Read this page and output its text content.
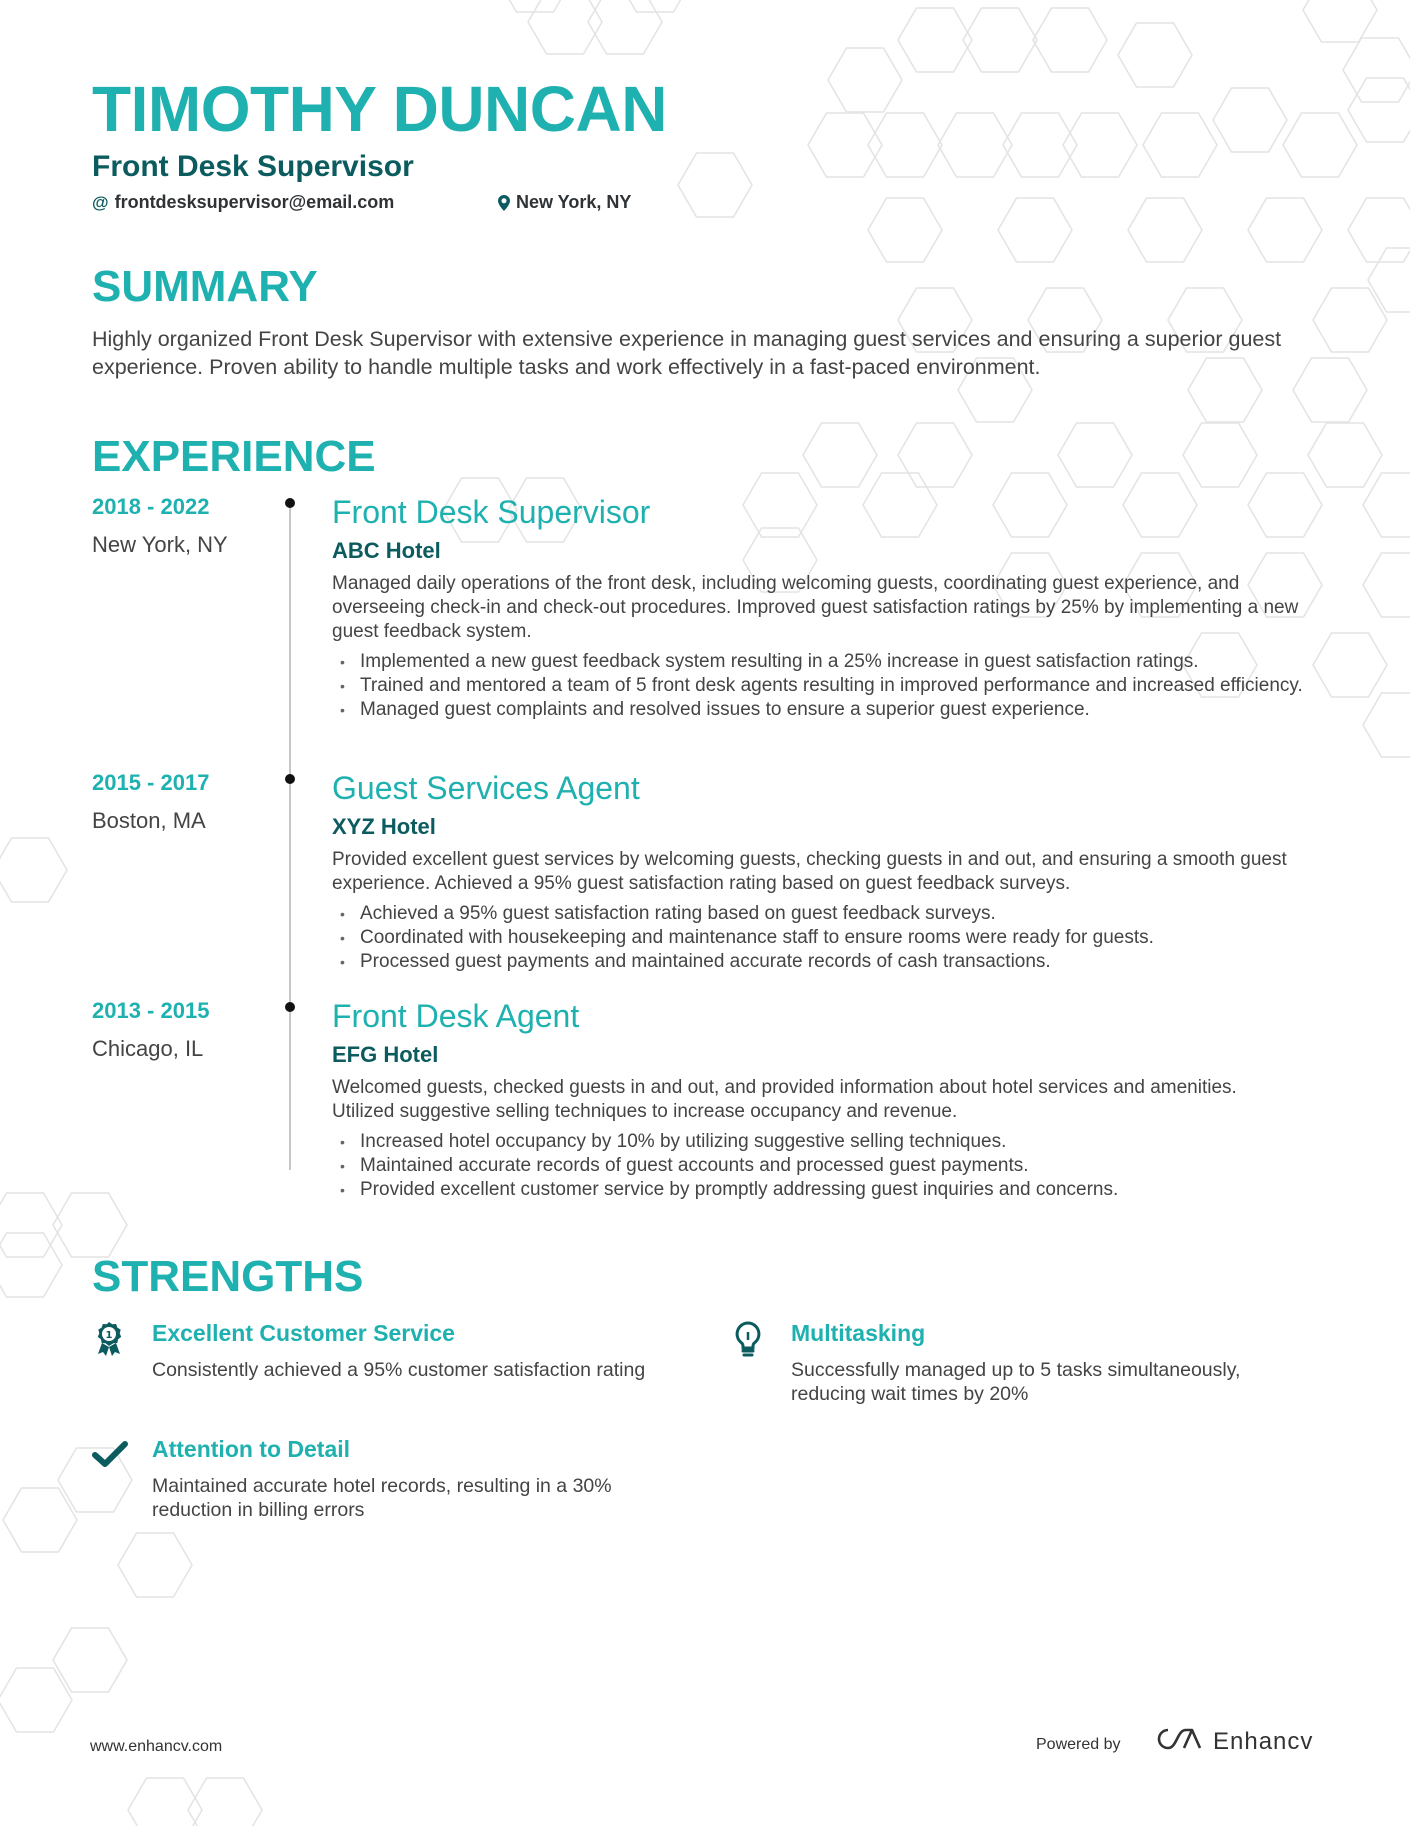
TIMOTHY DUNCAN
Front Desk Supervisor
@ frontdesksupervisor@email.com	New York, NY
SUMMARY

Highly organized Front Desk Supervisor with extensive experience in managing guest services and ensuring a superior guest experience. Proven ability to handle multiple tasks and work effectively in a fast-paced environment.

EXPERIENCE
2018 - 2022
New York, NY
Front Desk Supervisor
ABC Hotel

Managed daily operations of the front desk, including welcoming guests, coordinating guest experience, and overseeing check-in and check-out procedures. Improved guest satisfaction ratings by 25% by implementing a new guest feedback system.

• Implemented a new guest feedback system resulting in a 25% increase in guest satisfaction ratings.
• Trained and mentored a team of 5 front desk agents resulting in improved performance and increased efficiency.
• Managed guest complaints and resolved issues to ensure a superior guest experience.
2015 - 2017
Boston, MA
Guest Services Agent
XYZ Hotel

Provided excellent guest services by welcoming guests, checking guests in and out, and ensuring a smooth guest experience. Achieved a 95% guest satisfaction rating based on guest feedback surveys.

• Achieved a 95% guest satisfaction rating based on guest feedback surveys.
• Coordinated with housekeeping and maintenance staff to ensure rooms were ready for guests.
• Processed guest payments and maintained accurate records of cash transactions.
2013 - 2015
Chicago, IL
Front Desk Agent
EFG Hotel

Welcomed guests, checked guests in and out, and provided information about hotel services and amenities. Utilized suggestive selling techniques to increase occupancy and revenue.

• Increased hotel occupancy by 10% by utilizing suggestive selling techniques.
• Maintained accurate records of guest accounts and processed guest payments.
• Provided excellent customer service by promptly addressing guest inquiries and concerns.
STRENGTHS
1 Excellent Customer Service

Consistently achieved a 95% customer satisfaction rating

Multitasking

Successfully managed up to 5 tasks simultaneously, reducing wait times by 20%

Attention to Detail

Maintained accurate hotel records, resulting in a 30% reduction in billing errors

www.enhancv.com	Powered by	Enhancv
